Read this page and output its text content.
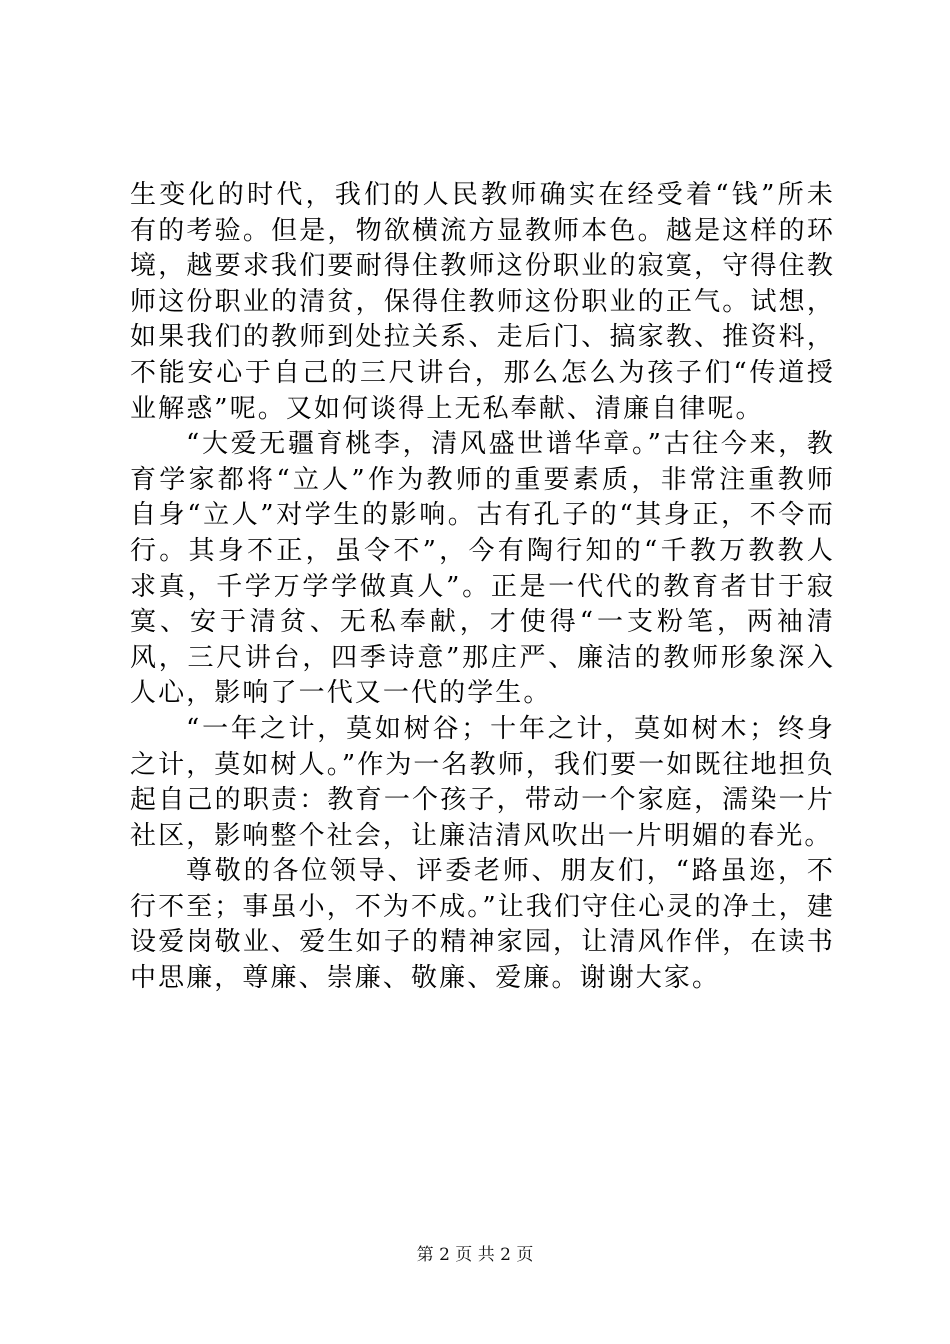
生变化的时代，我们的人民教师确实在经受着“钱”所未有的考验。但是，物欲横流方显教师本色。越是这样的环境，越要求我们要耐得住教师这份职业的寂寞，守得住教师这份职业的清贫，保得住教师这份职业的正气。试想，如果我们的教师到处拉关系、走后门、搞家教、推资料，不能安心于自己的三尺讲台，那么怎么为孩子们“传道授业解惑”呢。又如何谈得上无私奉献、清廉自律呢。

“大爱无疆育桃李，清风盛世谱华章。”古往今来，教育学家都将“立人”作为教师的重要素质，非常注重教师自身“立人”对学生的影响。古有孔子的“其身正，不令而行。其身不正，虽令不”，今有陶行知的“千教万教教人求真，千学万学学做真人”。正是一代代的教育者甘于寂寞、安于清贫、无私奉献，才使得“一支粉笔，两袖清风，三尺讲台，四季诗意”那庄严、廉洁的教师形象深入人心，影响了一代又一代的学生。

“一年之计，莫如树谷；十年之计，莫如树木；终身之计，莫如树人。”作为一名教师，我们要一如既往地担负起自己的职责：教育一个孩子，带动一个家庭，濡染一片社区，影响整个社会，让廉洁清风吹出一片明媚的春光。

尊敬的各位领导、评委老师、朋友们，“路虽迩，不行不至；事虽小，不为不成。”让我们守住心灵的净土，建设爱岗敬业、爱生如子的精神家园，让清风作伴，在读书中思廉，尊廉、崇廉、敬廉、爱廉。谢谢大家。

第 2 页 共 2 页
